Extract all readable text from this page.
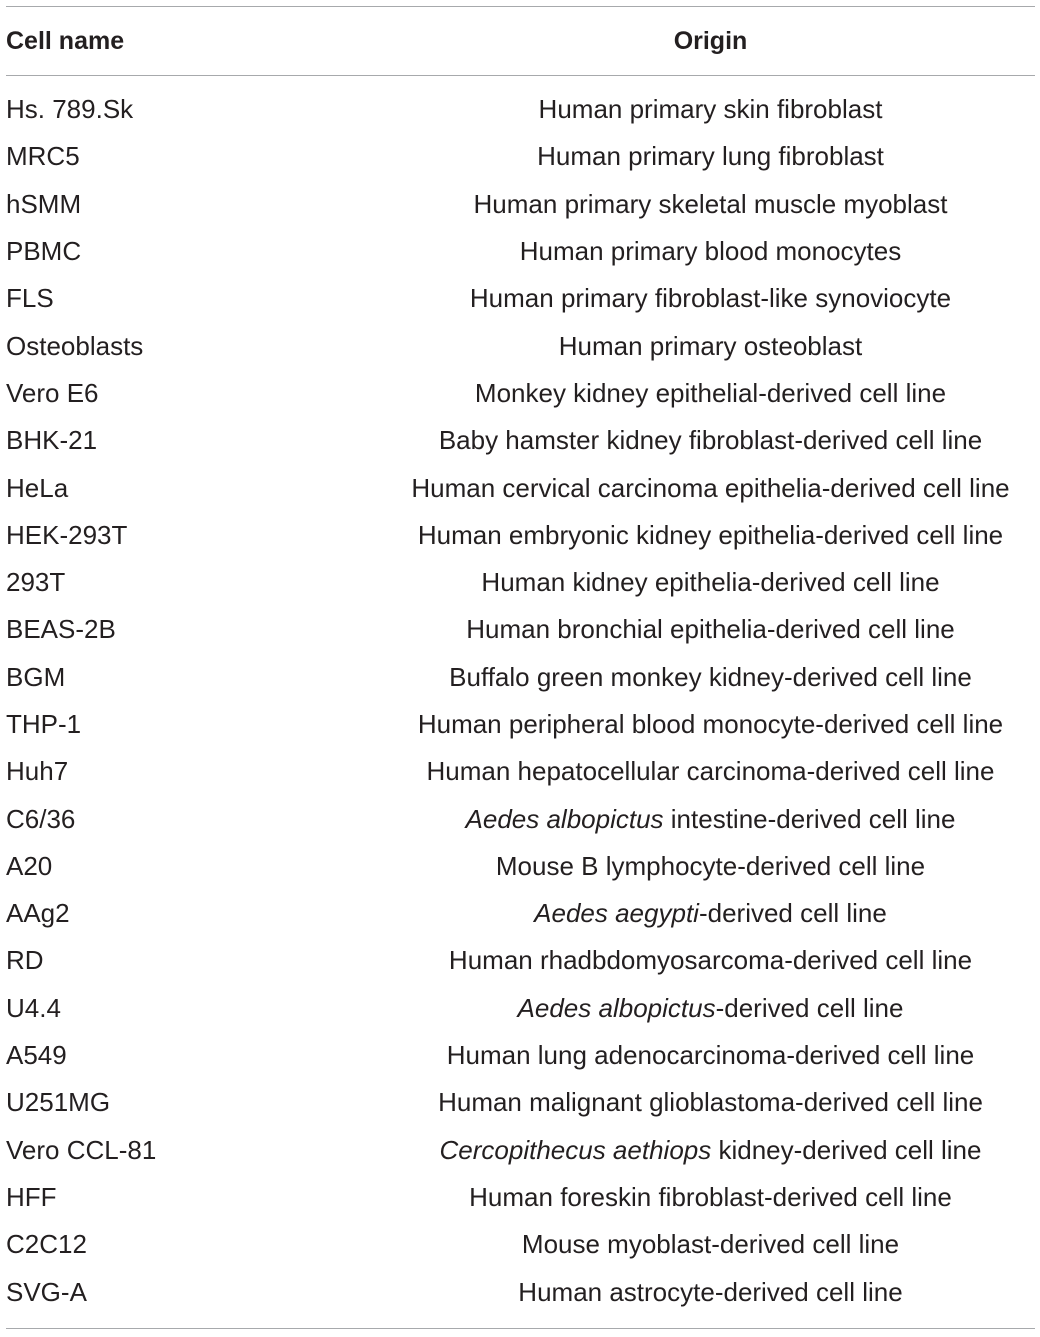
Cell name	Origin
Hs. 789.Sk	Human primary skin fibroblast
MRC5	Human primary lung fibroblast
hSMM	Human primary skeletal muscle myoblast
PBMC	Human primary blood monocytes
FLS	Human primary fibroblast-like synoviocyte
Osteoblasts	Human primary osteoblast
Vero E6	Monkey kidney epithelial-derived cell line
BHK-21	Baby hamster kidney fibroblast-derived cell line
HeLa	Human cervical carcinoma epithelia-derived cell line
HEK-293T	Human embryonic kidney epithelia-derived cell line
293T	Human kidney epithelia-derived cell line
BEAS-2B	Human bronchial epithelia-derived cell line
BGM	Buffalo green monkey kidney-derived cell line
THP-1	Human peripheral blood monocyte-derived cell line
Huh7	Human hepatocellular carcinoma-derived cell line
C6/36	Aedes albopictus intestine-derived cell line
A20	Mouse B lymphocyte-derived cell line
AAg2	Aedes aegypti-derived cell line
RD	Human rhadbdomyosarcoma-derived cell line
U4.4	Aedes albopictus-derived cell line
A549	Human lung adenocarcinoma-derived cell line
U251MG	Human malignant glioblastoma-derived cell line
Vero CCL-81	Cercopithecus aethiops kidney-derived cell line
HFF	Human foreskin fibroblast-derived cell line
C2C12	Mouse myoblast-derived cell line
SVG-A	Human astrocyte-derived cell line
